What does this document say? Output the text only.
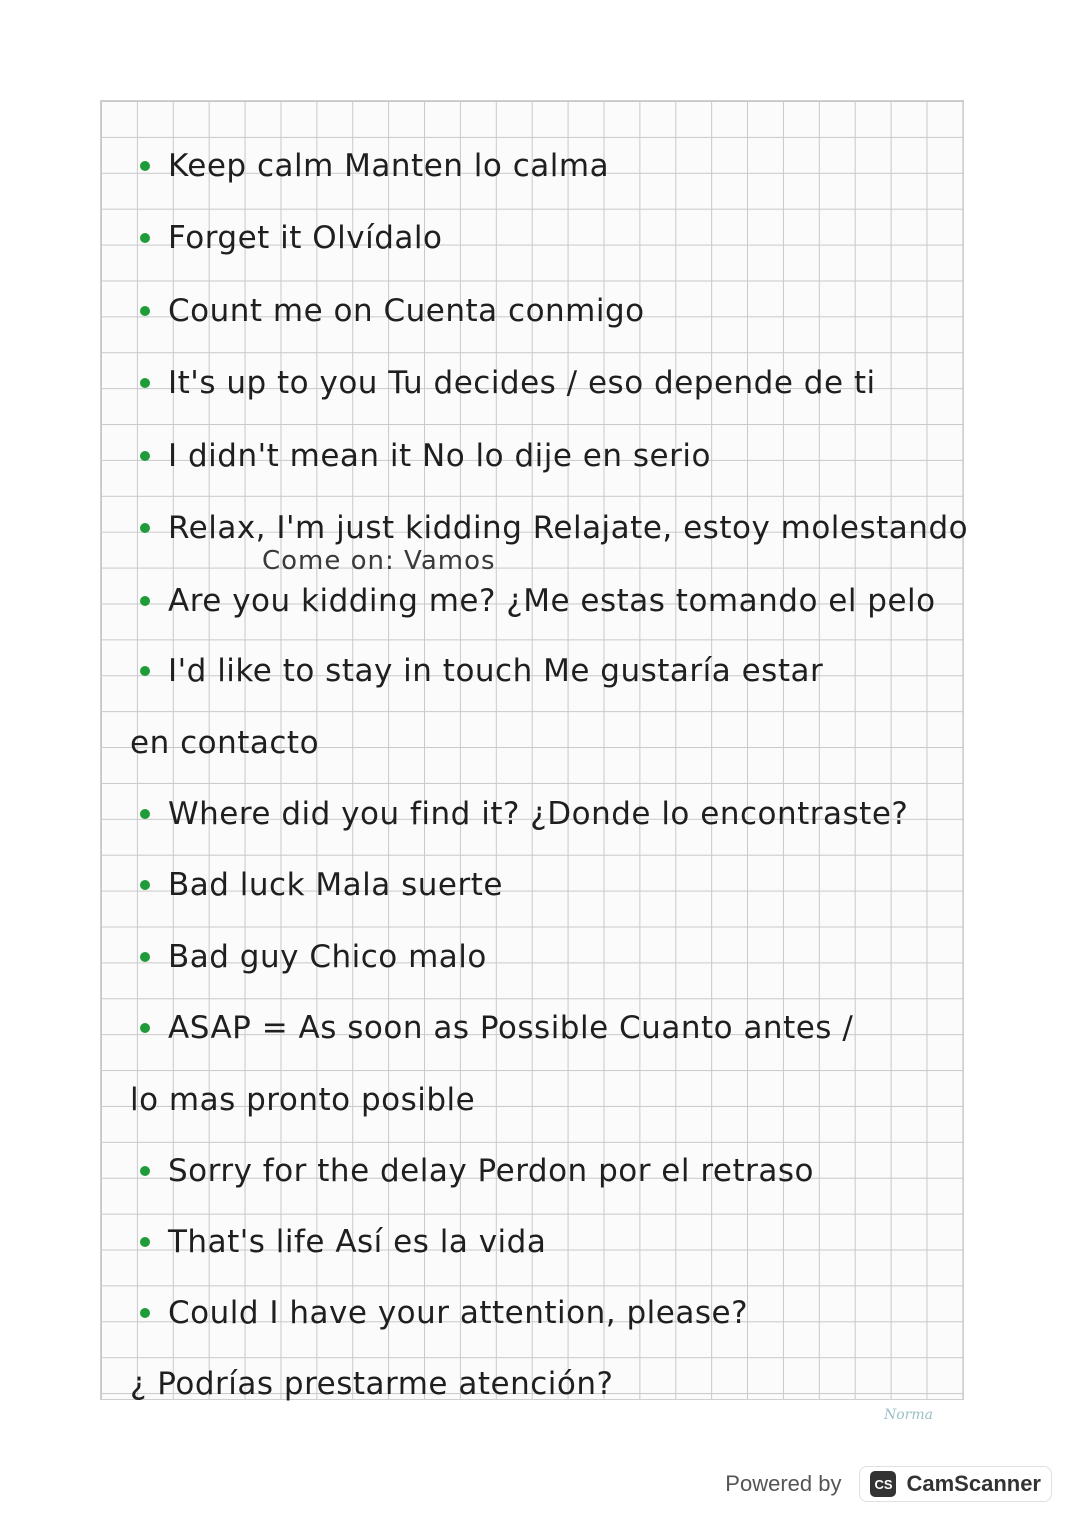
Keep calm Manten lo calma
Forget it Olvídalo
Count me on Cuenta conmigo
It's up to you Tu decides / eso depende de ti
I didn't mean it No lo dije en serio
Relax, I'm just kidding Relajate, estoy molestando
Come on: Vamos
Are you kidding me? ¿Me estas tomando el pelo
I'd like to stay in touch Me gustaría estar
en contacto
Where did you find it? ¿Donde lo encontraste?
Bad luck Mala suerte
Bad guy Chico malo
ASAP = As soon as Possible Cuanto antes /
lo mas pronto posible
Sorry for the delay Perdon por el retraso
That's life Así es la vida
Could I have your attention, please?
¿ Podrías prestarme atención?
Norma
Powered by	CS CamScanner
